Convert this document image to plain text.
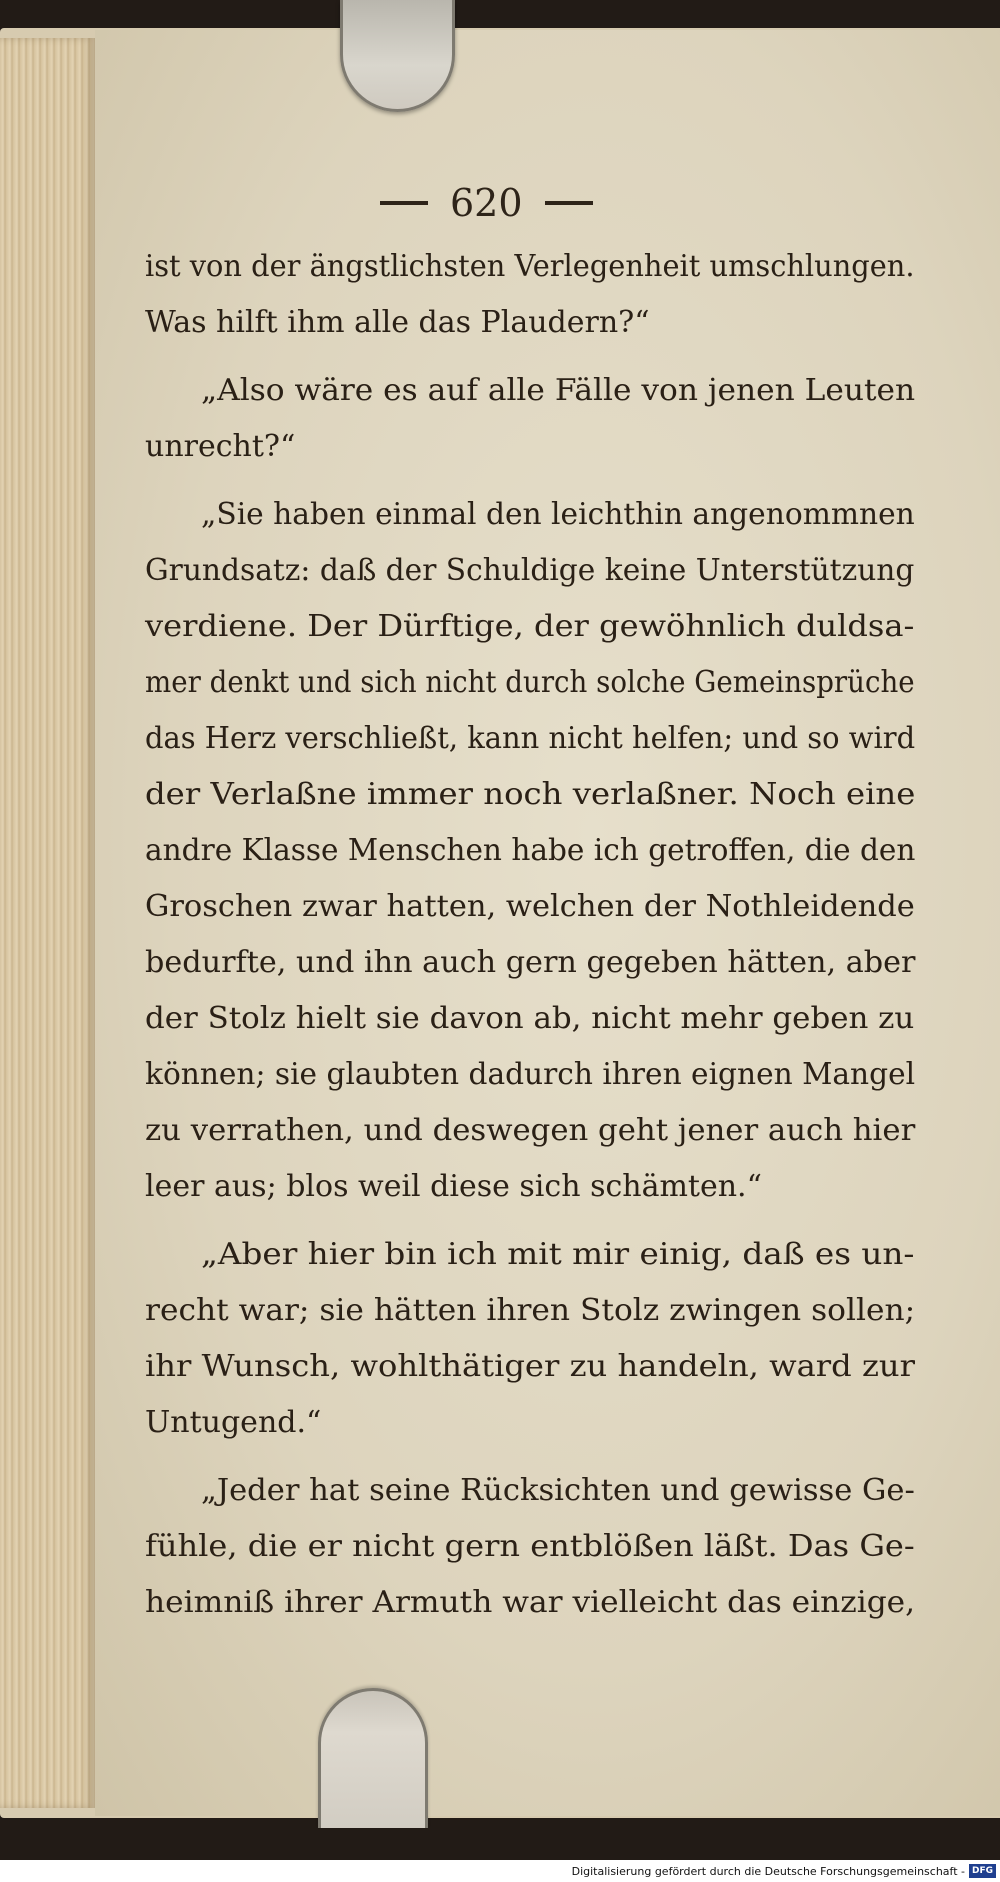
620
ist von der ängstlichsten Verlegenheit umschlungen.
Was hilft ihm alle das Plaudern?“
„Also wäre es auf alle Fälle von jenen Leuten
unrecht?“
„Sie haben einmal den leichthin angenommnen
Grundsatz: daß der Schuldige keine Unterstützung
verdiene. Der Dürftige, der gewöhnlich duldsa-
mer denkt und sich nicht durch solche Gemeinsprüche
das Herz verschließt, kann nicht helfen; und so wird
der Verlaßne immer noch verlaßner. Noch eine
andre Klasse Menschen habe ich getroffen, die den
Groschen zwar hatten, welchen der Nothleidende
bedurfte, und ihn auch gern gegeben hätten, aber
der Stolz hielt sie davon ab, nicht mehr geben zu
können; sie glaubten dadurch ihren eignen Mangel
zu verrathen, und deswegen geht jener auch hier
leer aus; blos weil diese sich schämten.“
„Aber hier bin ich mit mir einig, daß es un-
recht war; sie hätten ihren Stolz zwingen sollen;
ihr Wunsch, wohlthätiger zu handeln, ward zur
Untugend.“
„Jeder hat seine Rücksichten und gewisse Ge-
fühle, die er nicht gern entblößen läßt. Das Ge-
heimniß ihrer Armuth war vielleicht das einzige,
Digitalisierung gefördert durch die Deutsche Forschungsgemeinschaft - DFG
